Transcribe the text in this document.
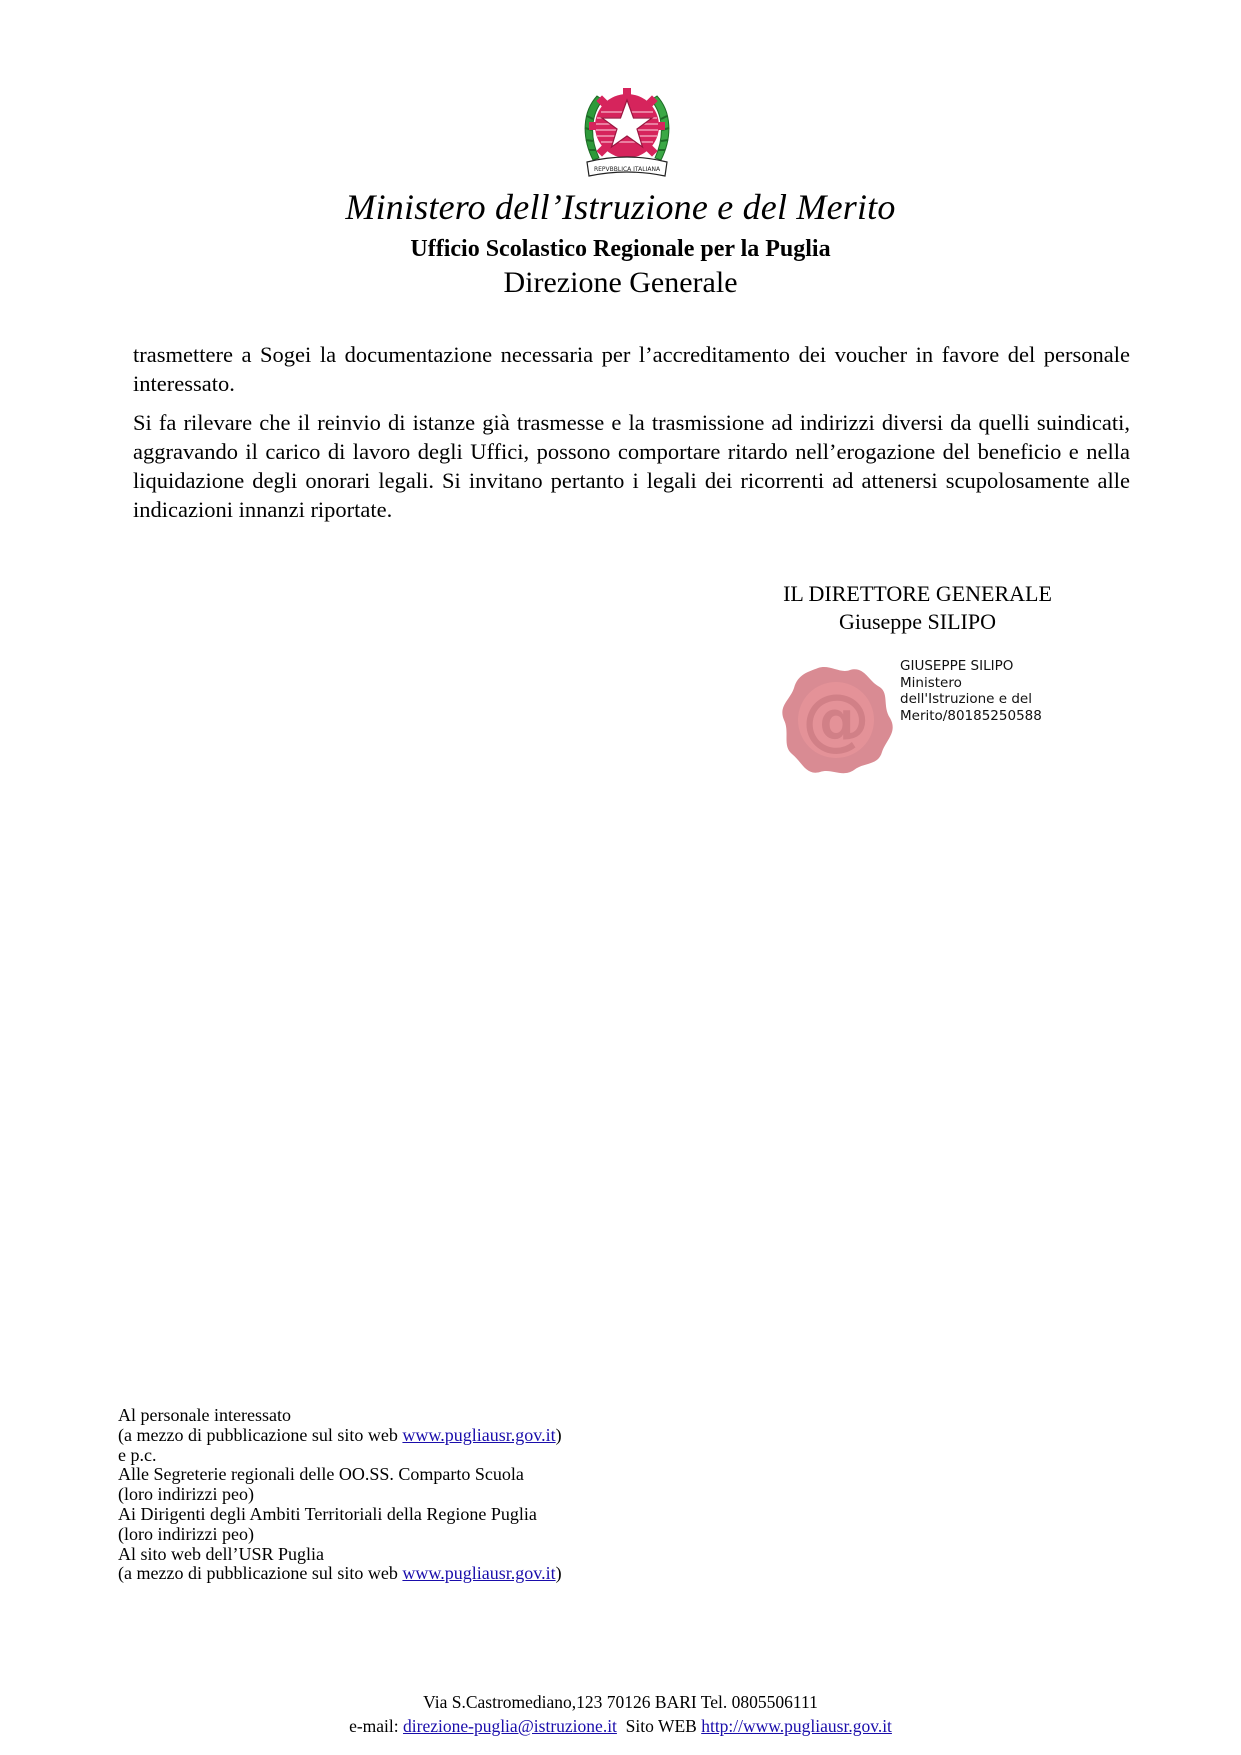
REPVBBLICA ITALIANA
Ministero dell’Istruzione e del Merito
Ufficio Scolastico Regionale per la Puglia
Direzione Generale

trasmettere a Sogei la documentazione necessaria per l’accreditamento dei voucher in favore del personale interessato.

Si fa rilevare che il reinvio di istanze già trasmesse e la trasmissione ad indirizzi diversi da quelli suindicati, aggravando il carico di lavoro degli Uffici, possono comportare ritardo nell’erogazione del beneficio e nella liquidazione degli onorari legali. Si invitano pertanto i legali dei ricorrenti ad attenersi scupolosamente alle indicazioni innanzi riportate.

IL DIRETTORE GENERALE
Giuseppe SILIPO
@
GIUSEPPE SILIPO
Ministero
dell'Istruzione e del
Merito/80185250588
Al personale interessato
(a mezzo di pubblicazione sul sito web www.pugliausr.gov.it)
e p.c.
Alle Segreterie regionali delle OO.SS. Comparto Scuola
(loro indirizzi peo)
Ai Dirigenti degli Ambiti Territoriali della Regione Puglia
(loro indirizzi peo)
Al sito web dell’USR Puglia
(a mezzo di pubblicazione sul sito web www.pugliausr.gov.it)
Via S.Castromediano,123 70126 BARI Tel. 0805506111
e-mail: direzione-puglia@istruzione.it  Sito WEB http://www.pugliausr.gov.it
